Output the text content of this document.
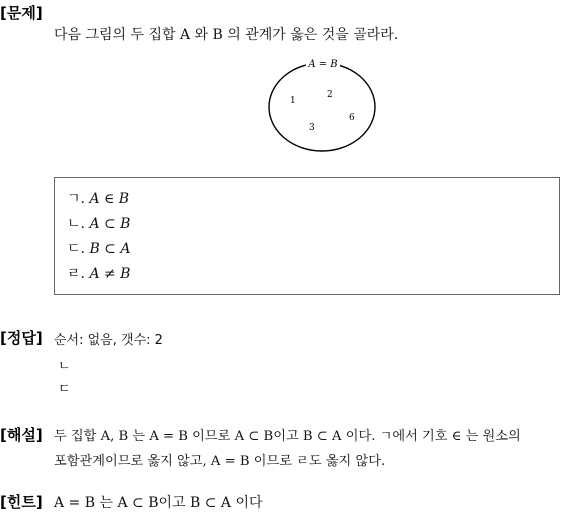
[문제]
다음 그림의 두 집합 A 와 B 의 관계가 옳은 것을 골라라.
A = B
1
2
3
6
ㄱ. A ∈ B
ㄴ. A ⊂ B
ㄷ. B ⊂ A
ㄹ. A ≠ B
[정답] 순서: 없음, 갯수: 2
ㄴ
ㄷ
[해설] 두 집합 A, B 는 A = B 이므로 A ⊂ B이고 B ⊂ A 이다. ㄱ에서 기호 ∈ 는 원소의
포함관계이므로 옳지 않고, A = B 이므로 ㄹ도 옳지 않다.
[힌트] A = B 는 A ⊂ B이고 B ⊂ A 이다
